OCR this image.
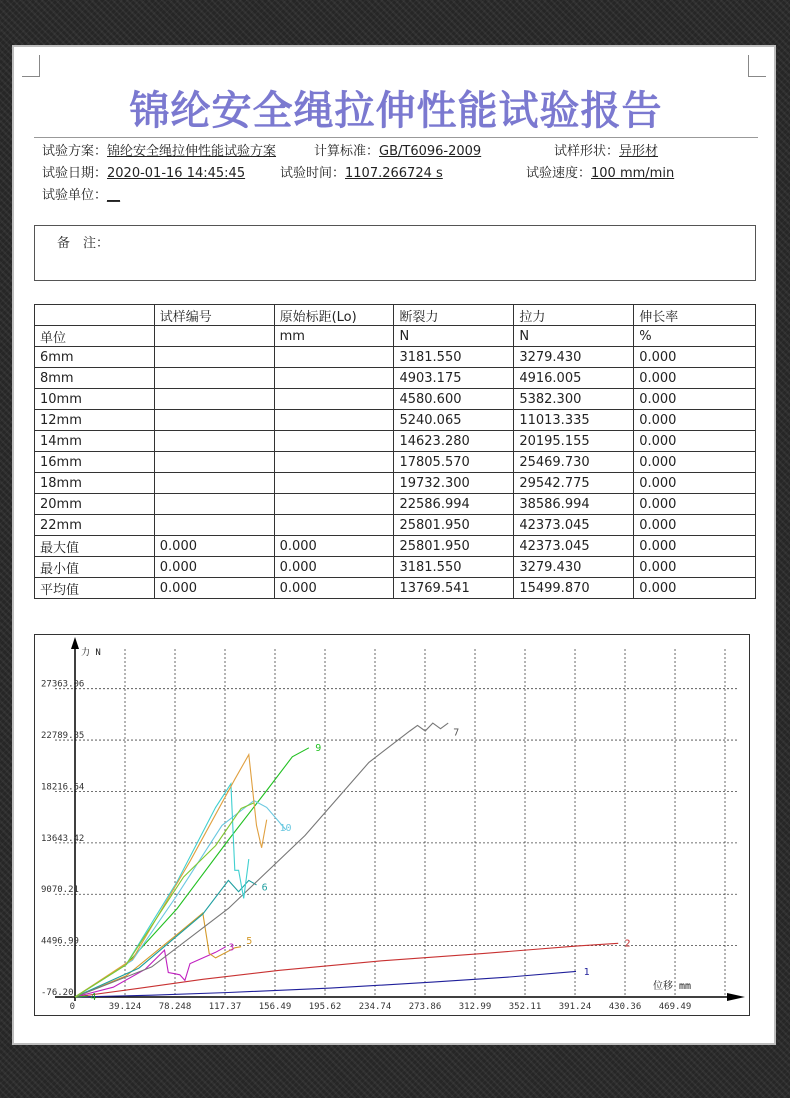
锦纶安全绳拉伸性能试验报告
试验方案：锦纶安全绳拉伸性能试验方案	计算标准：GB/T6096-2009	试样形状：异形材
试验日期：2020-01-16 14:45:45	试验时间：1107.266724 s	试验速度：100 mm/min
试验单位：__
备　注：
	试样编号	原始标距(Lo)	断裂力	拉力	伸长率
单位		mm	N	N	%
6mm			3181.550	3279.430	0.000
8mm			4903.175	4916.005	0.000
10mm			4580.600	5382.300	0.000
12mm			5240.065	11013.335	0.000
14mm			14623.280	20195.155	0.000
16mm			17805.570	25469.730	0.000
18mm			19732.300	29542.775	0.000
20mm			22586.994	38586.994	0.000
22mm			25801.950	42373.045	0.000
最大值	0.000	0.000	25801.950	42373.045	0.000
最小值	0.000	0.000	3181.550	3279.430	0.000
平均值	0.000	0.000	13769.541	15499.870	0.000
-76.20
4496.99
9070.21
13643.42
18216.64
22789.85
27363.06
0	39.124 78.248 117.37 156.49 195.62 234.74 273.86 312.99 352.11 391.24 430.36 469.49
力 N
位移 mm
1
2
3
4
5
6
7
9
10
